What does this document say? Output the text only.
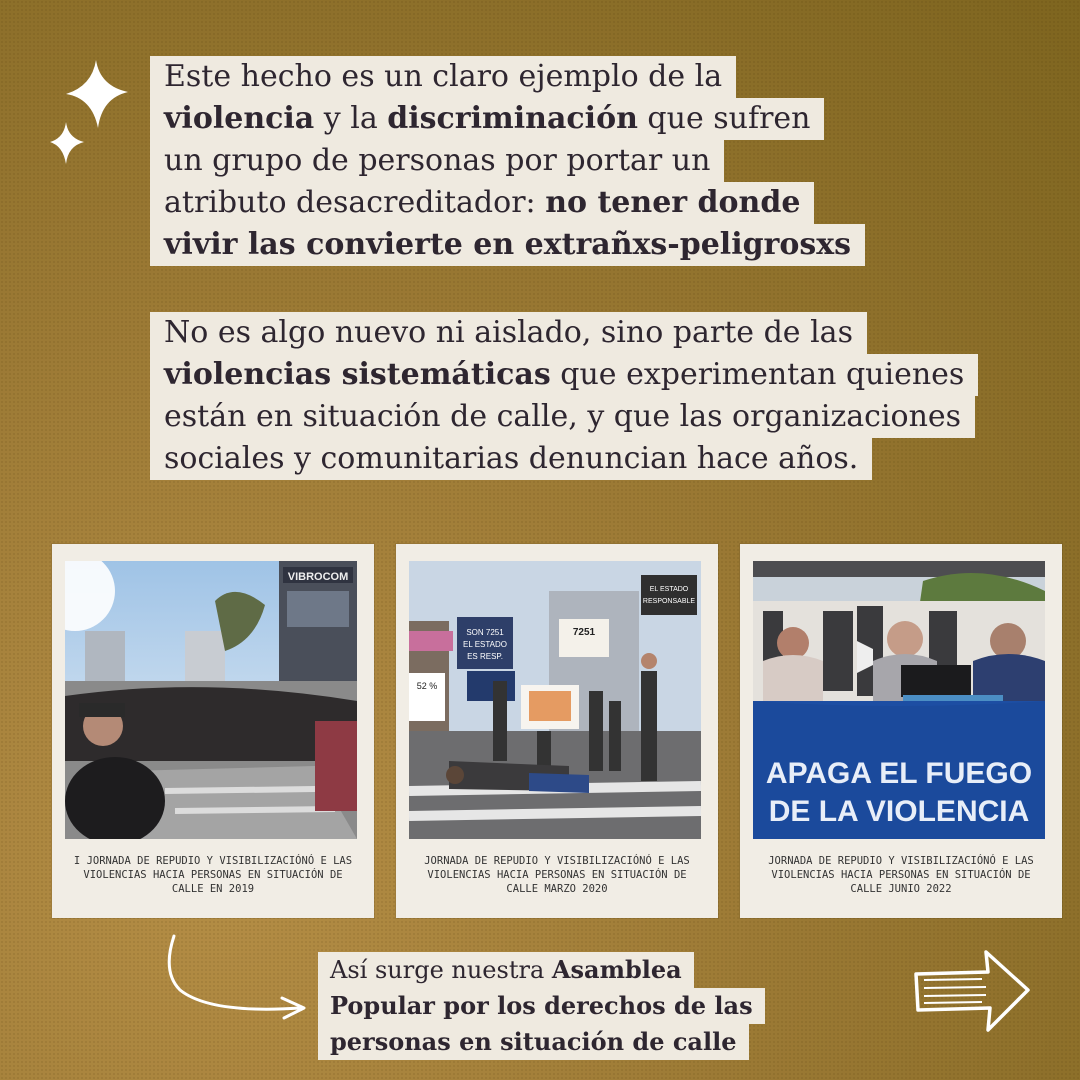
Este hecho es un claro ejemplo de la
violencia y la discriminación que sufren
un grupo de personas por portar un
atributo desacreditador: no tener donde
vivir las convierte en extrañxs-peligrosxs
No es algo nuevo ni aislado, sino parte de las
violencias sistemáticas que experimentan quienes
están en situación de calle, y que las organizaciones
sociales y comunitarias denuncian hace años.
VIBROCOM
I JORNADA DE REPUDIO Y VISIBILIZACIÓNÓ E LAS VIOLENCIAS HACIA PERSONAS EN SITUACIÓN DE CALLE EN 2019
SON 7251
EL ESTADO
ES RESP.
7251
EL ESTADO
RESPONSABLE
52 %
JORNADA DE REPUDIO Y VISIBILIZACIÓNÓ E LAS VIOLENCIAS HACIA PERSONAS EN SITUACIÓN DE CALLE MARZO 2020
APAGA EL FUEGO
DE LA VIOLENCIA
JORNADA DE REPUDIO Y VISIBILIZACIÓNÓ E LAS VIOLENCIAS HACIA PERSONAS EN SITUACIÓN DE CALLE JUNIO 2022
Así surge nuestra Asamblea
Popular por los derechos de las
personas en situación de calle
